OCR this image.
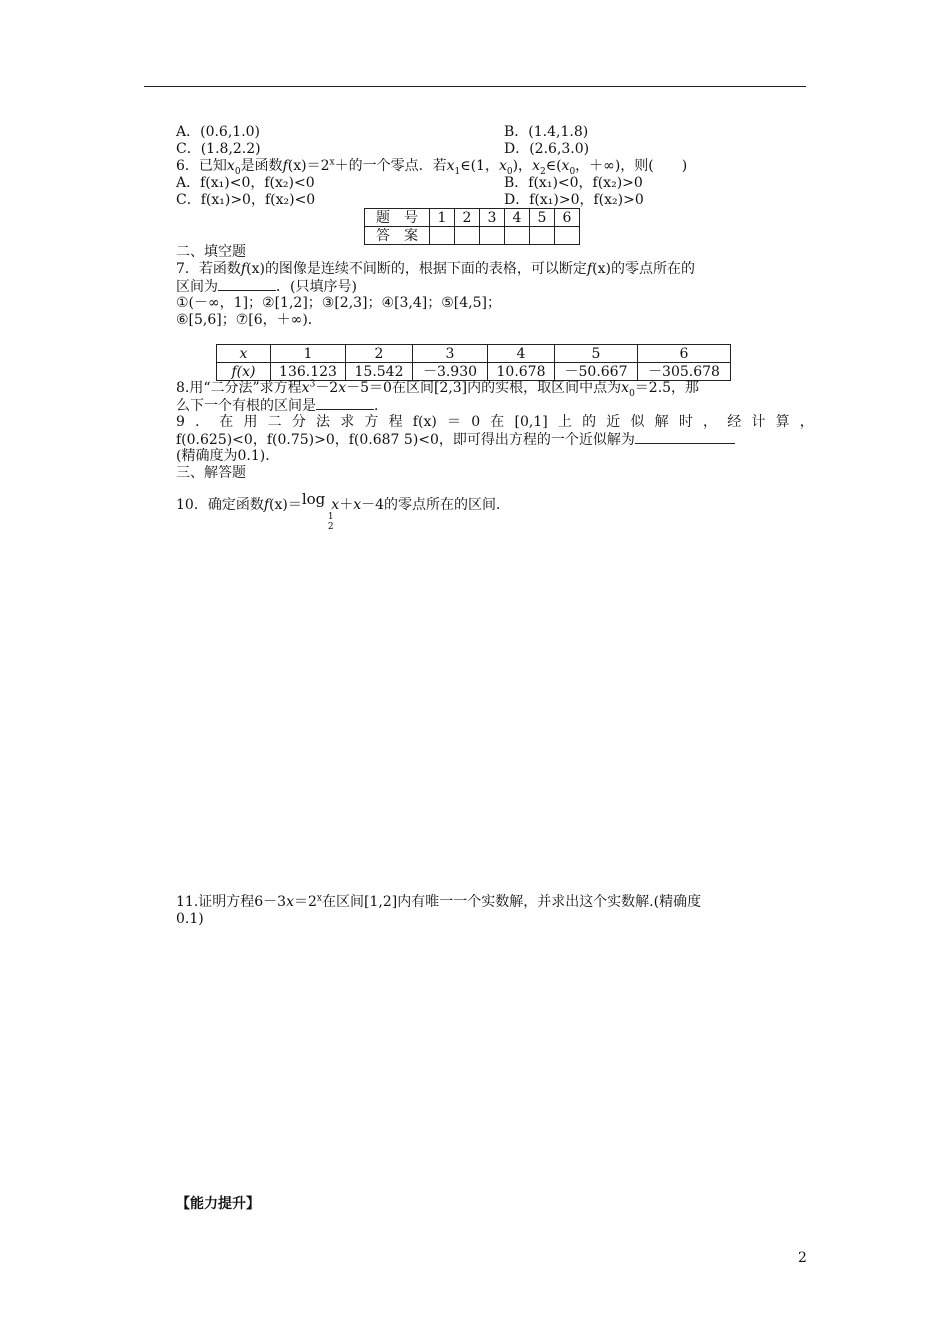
A．(0.6,1.0)	B．(1.4,1.8)
C．(1.8,2.2)	D．(2.6,3.0)
6．已知$x_0$是函数$f(x)=2^x+$的一个零点．若$x_1\in(1$，$x_0$)，$x_2\in(x_0$，＋∞)，则(　　)
A．f(x₁)<0，f(x₂)<0	B．f(x₁)<0，f(x₂)>0
C．f(x₁)>0，f(x₂)<0	D．f(x₁)>0，f(x₂)>0
题　号	1	2	3	4	5	6
答　案						
二、填空题
7．若函数f(x)的图像是连续不间断的，根据下面的表格，可以断定f(x)的零点所在的
区间为	．(只填序号)
①(－∞，1]；②[1,2]；③[2,3]；④[3,4]；⑤[4,5]；
⑥[5,6]；⑦[6，＋∞)．
x	1	2	3	4	5	6
f(x)	136.123	15.542	－3.930	10.678	－50.667	－305.678
8.用“二分法”求方程$x^3-2x-5=0$在区间[2,3]内的实根，取区间中点为$x_0=2.5$，那
么下一个有根的区间是	．
9 ． 在 用 二 分 法 求 方 程 f(x) ＝ 0 在 [0,1] 上 的 近 似 解 时 ， 经 计 算 ，
f(0.625)<0，f(0.75)>0，f(0.687 5)<0，即可得出方程的一个近似解为
(精确度为0.1)．
三、解答题
10．确定函数f(x)＝log
1
2
x＋x－4的零点所在的区间．
11.证明方程$6-3x=2^x$在区间[1,2]内有唯一一个实数解，并求出这个实数解.(精确度
0.1)
【能力提升】
2
